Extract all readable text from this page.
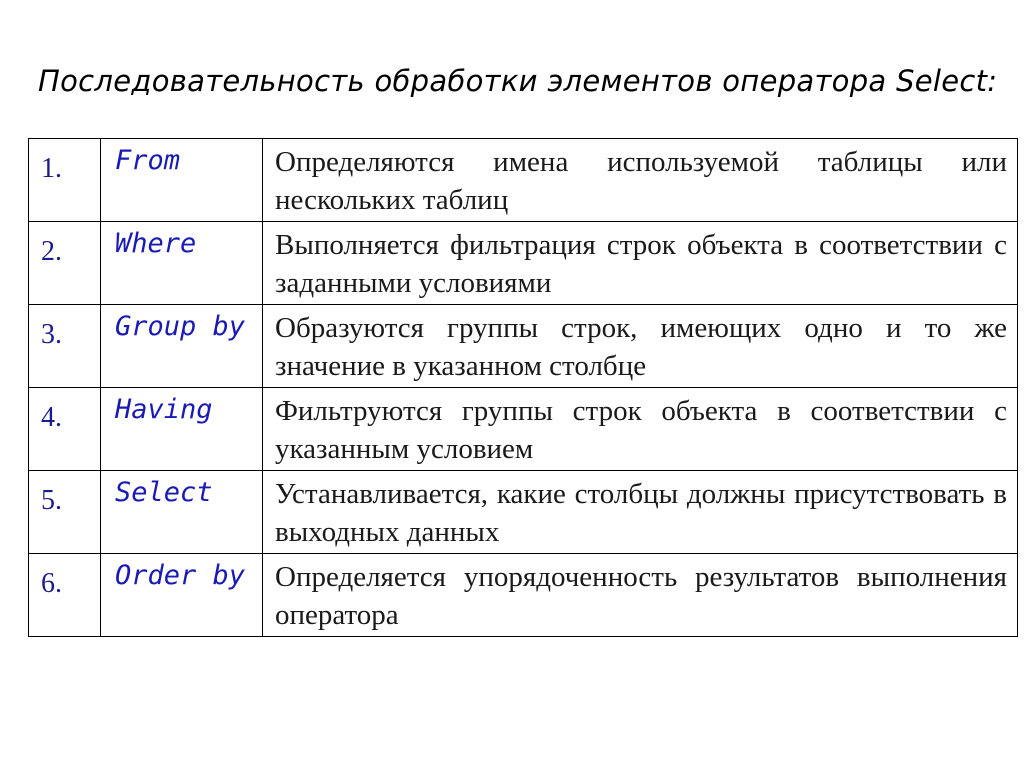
Последовательность обработки элементов оператора Select:
1.	From	Определяются имена используемой таблицы или нескольких таблиц
2.	Where	Выполняется фильтрация строк объекта в соответствии с заданными условиями
3.	Group by	Образуются группы строк, имеющих одно и то же значение в указанном столбце
4.	Having	Фильтруются группы строк объекта в соответствии с указанным условием
5.	Select	Устанавливается, какие столбцы должны присутствовать в выходных данных
6.	Order by	Определяется упорядоченность результатов выполнения оператора
